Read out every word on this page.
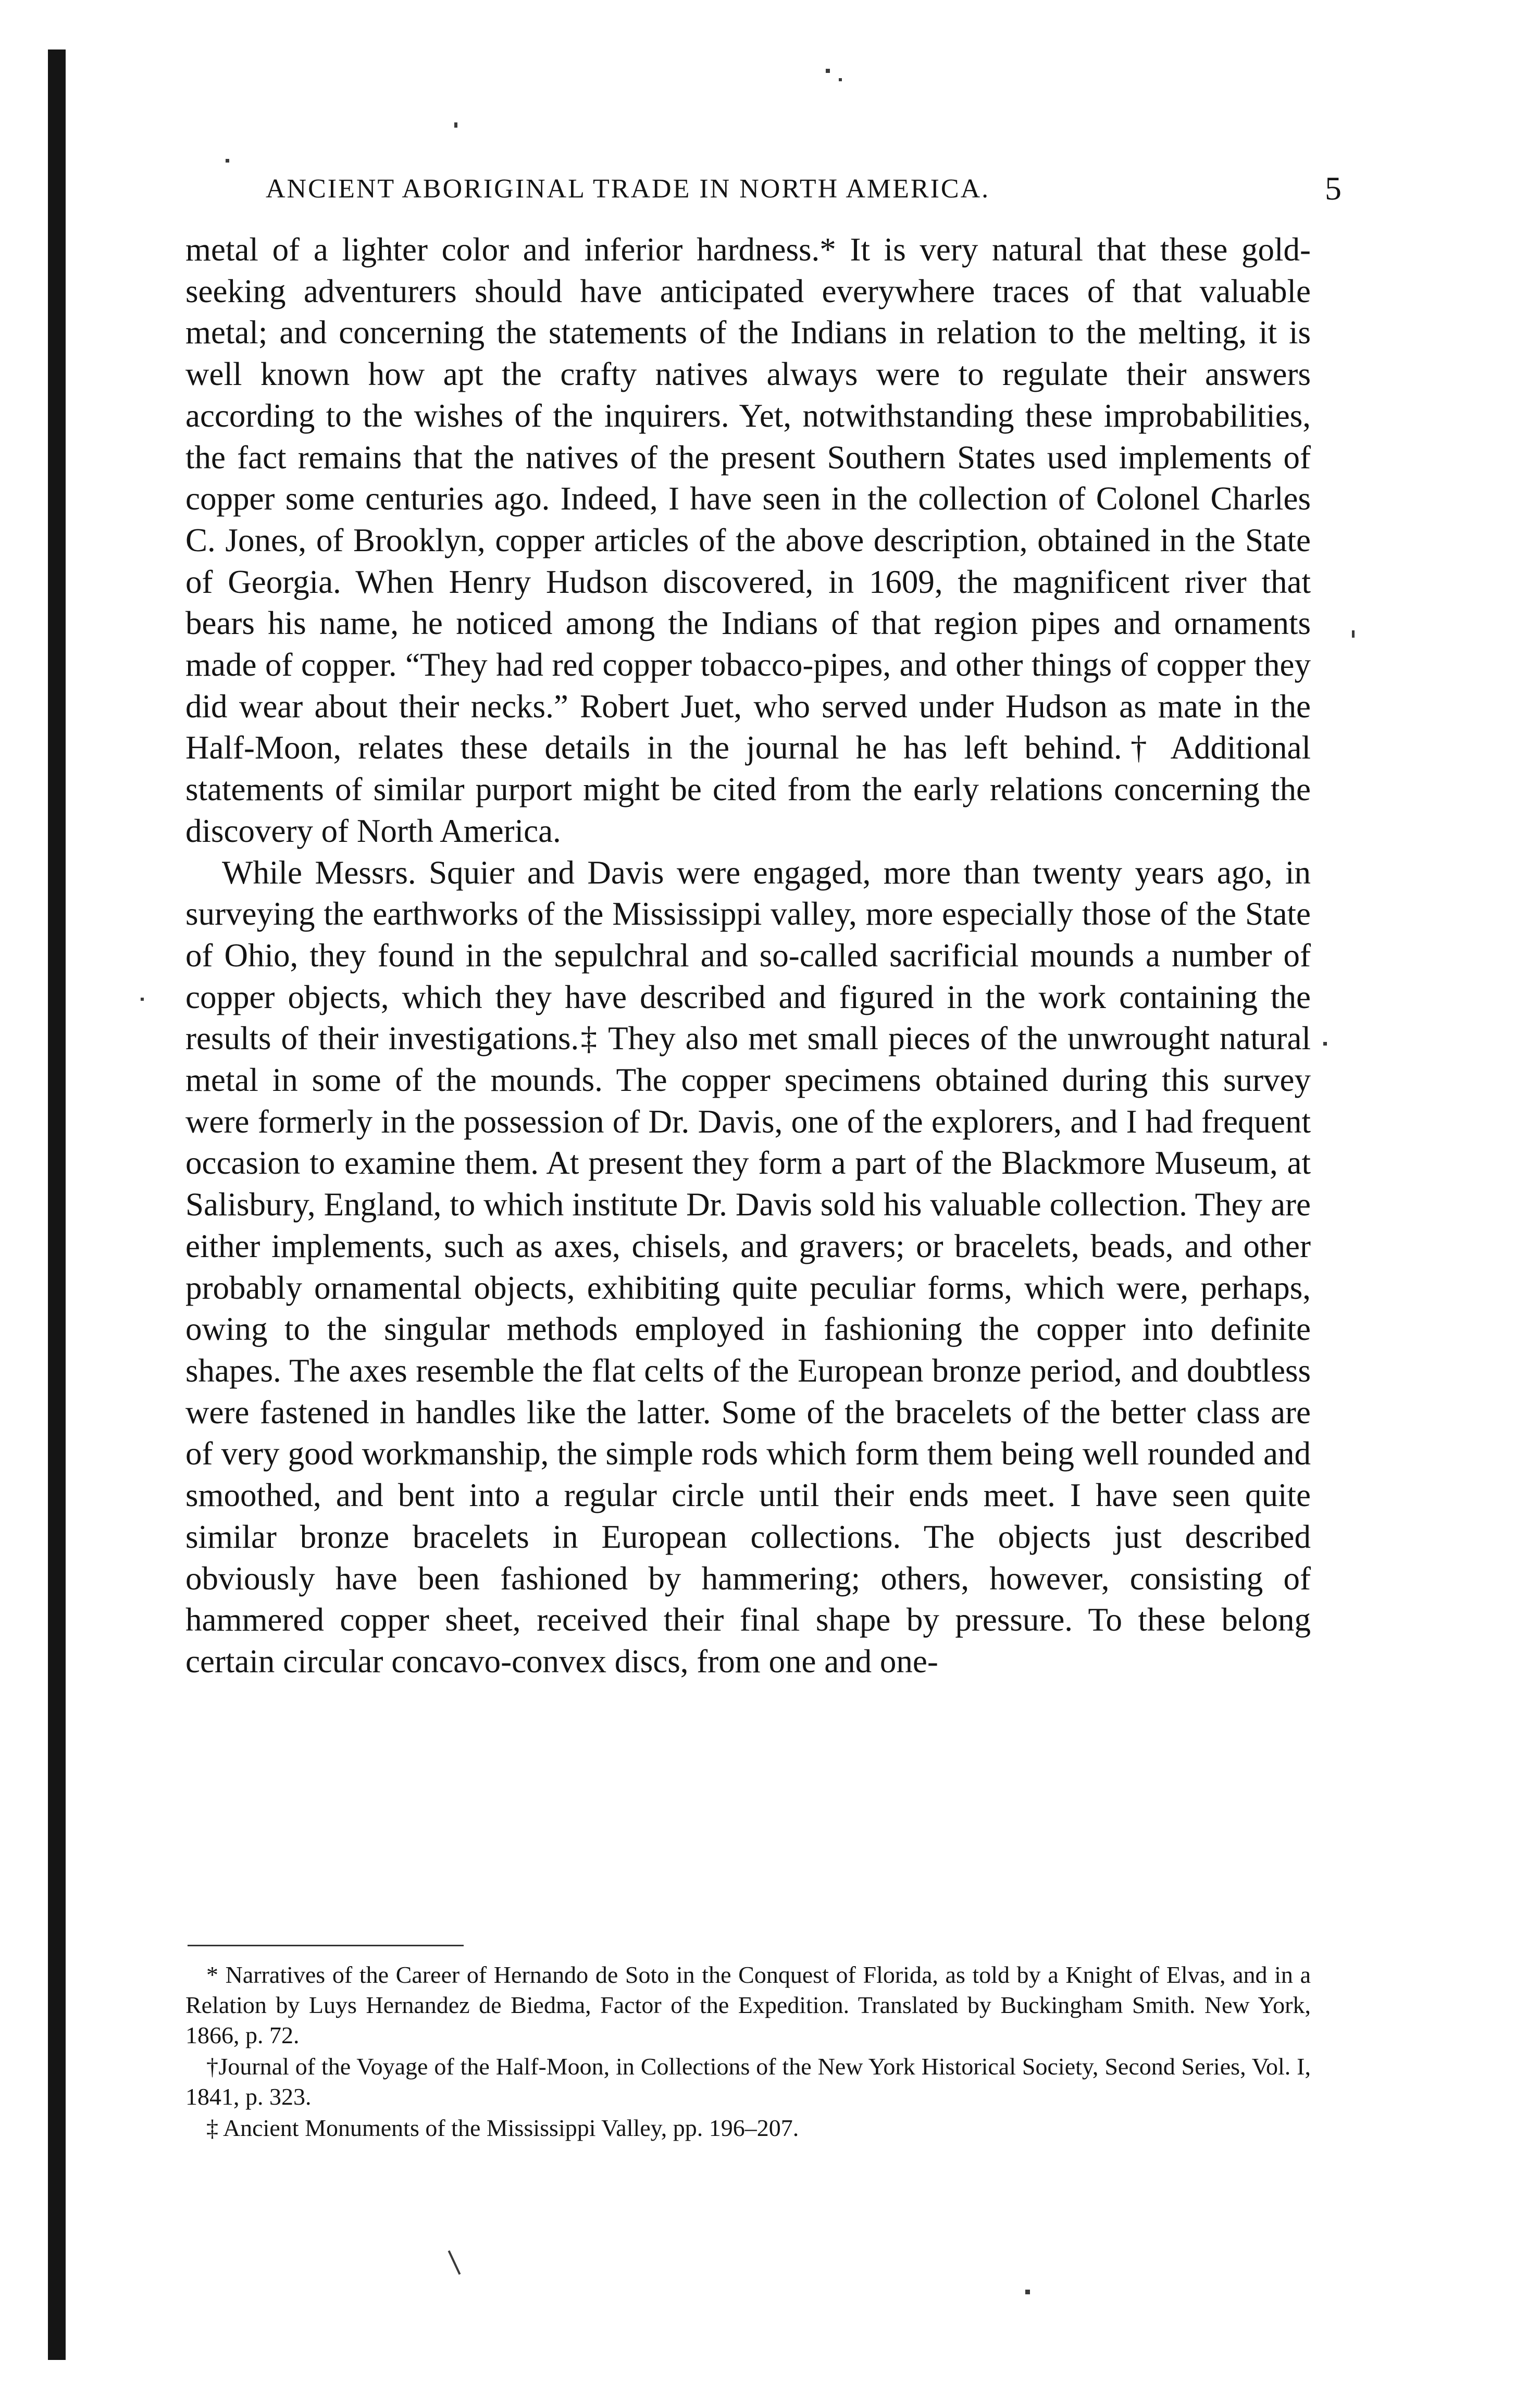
ANCIENT ABORIGINAL TRADE IN NORTH AMERICA.	5

metal of a lighter color and inferior hardness.* It is very natural that these gold-seeking adventurers should have anticipated everywhere traces of that valuable metal; and concerning the statements of the Indians in relation to the melting, it is well known how apt the crafty natives always were to regulate their answers according to the wishes of the inquirers. Yet, notwithstanding these improbabilities, the fact remains that the natives of the present Southern States used implements of copper some centuries ago. Indeed, I have seen in the collection of Colonel Charles C. Jones, of Brooklyn, copper articles of the above description, obtained in the State of Georgia. When Henry Hudson discovered, in 1609, the magnificent river that bears his name, he noticed among the Indians of that region pipes and ornaments made of copper. “They had red copper tobacco-pipes, and other things of copper they did wear about their necks.” Robert Juet, who served under Hudson as mate in the Half-Moon, relates these details in the journal he has left behind.† Additional statements of similar purport might be cited from the early relations concerning the discovery of North America.

While Messrs. Squier and Davis were engaged, more than twenty years ago, in surveying the earthworks of the Mississippi valley, more especially those of the State of Ohio, they found in the sepulchral and so-called sacrificial mounds a number of copper objects, which they have described and figured in the work containing the results of their investigations.‡ They also met small pieces of the unwrought natural metal in some of the mounds. The copper specimens obtained during this survey were formerly in the possession of Dr. Davis, one of the explorers, and I had frequent occasion to examine them. At present they form a part of the Blackmore Museum, at Salisbury, England, to which institute Dr. Davis sold his valuable collection. They are either implements, such as axes, chisels, and gravers; or bracelets, beads, and other probably ornamental objects, exhibiting quite peculiar forms, which were, perhaps, owing to the singular methods employed in fashioning the copper into definite shapes. The axes resemble the flat celts of the European bronze period, and doubtless were fastened in handles like the latter. Some of the bracelets of the better class are of very good workmanship, the simple rods which form them being well rounded and smoothed, and bent into a regular circle until their ends meet. I have seen quite similar bronze bracelets in European collections. The objects just described obviously have been fashioned by hammering; others, however, consisting of hammered copper sheet, received their final shape by pressure. To these belong certain circular concavo-convex discs, from one and one-

* Narratives of the Career of Hernando de Soto in the Conquest of Florida, as told by a Knight of Elvas, and in a Relation by Luys Hernandez de Biedma, Factor of the Expedition. Translated by Buckingham Smith. New York, 1866, p. 72.

†Journal of the Voyage of the Half-Moon, in Collections of the New York Historical Society, Second Series, Vol. I, 1841, p. 323.

‡ Ancient Monuments of the Mississippi Valley, pp. 196–207.
